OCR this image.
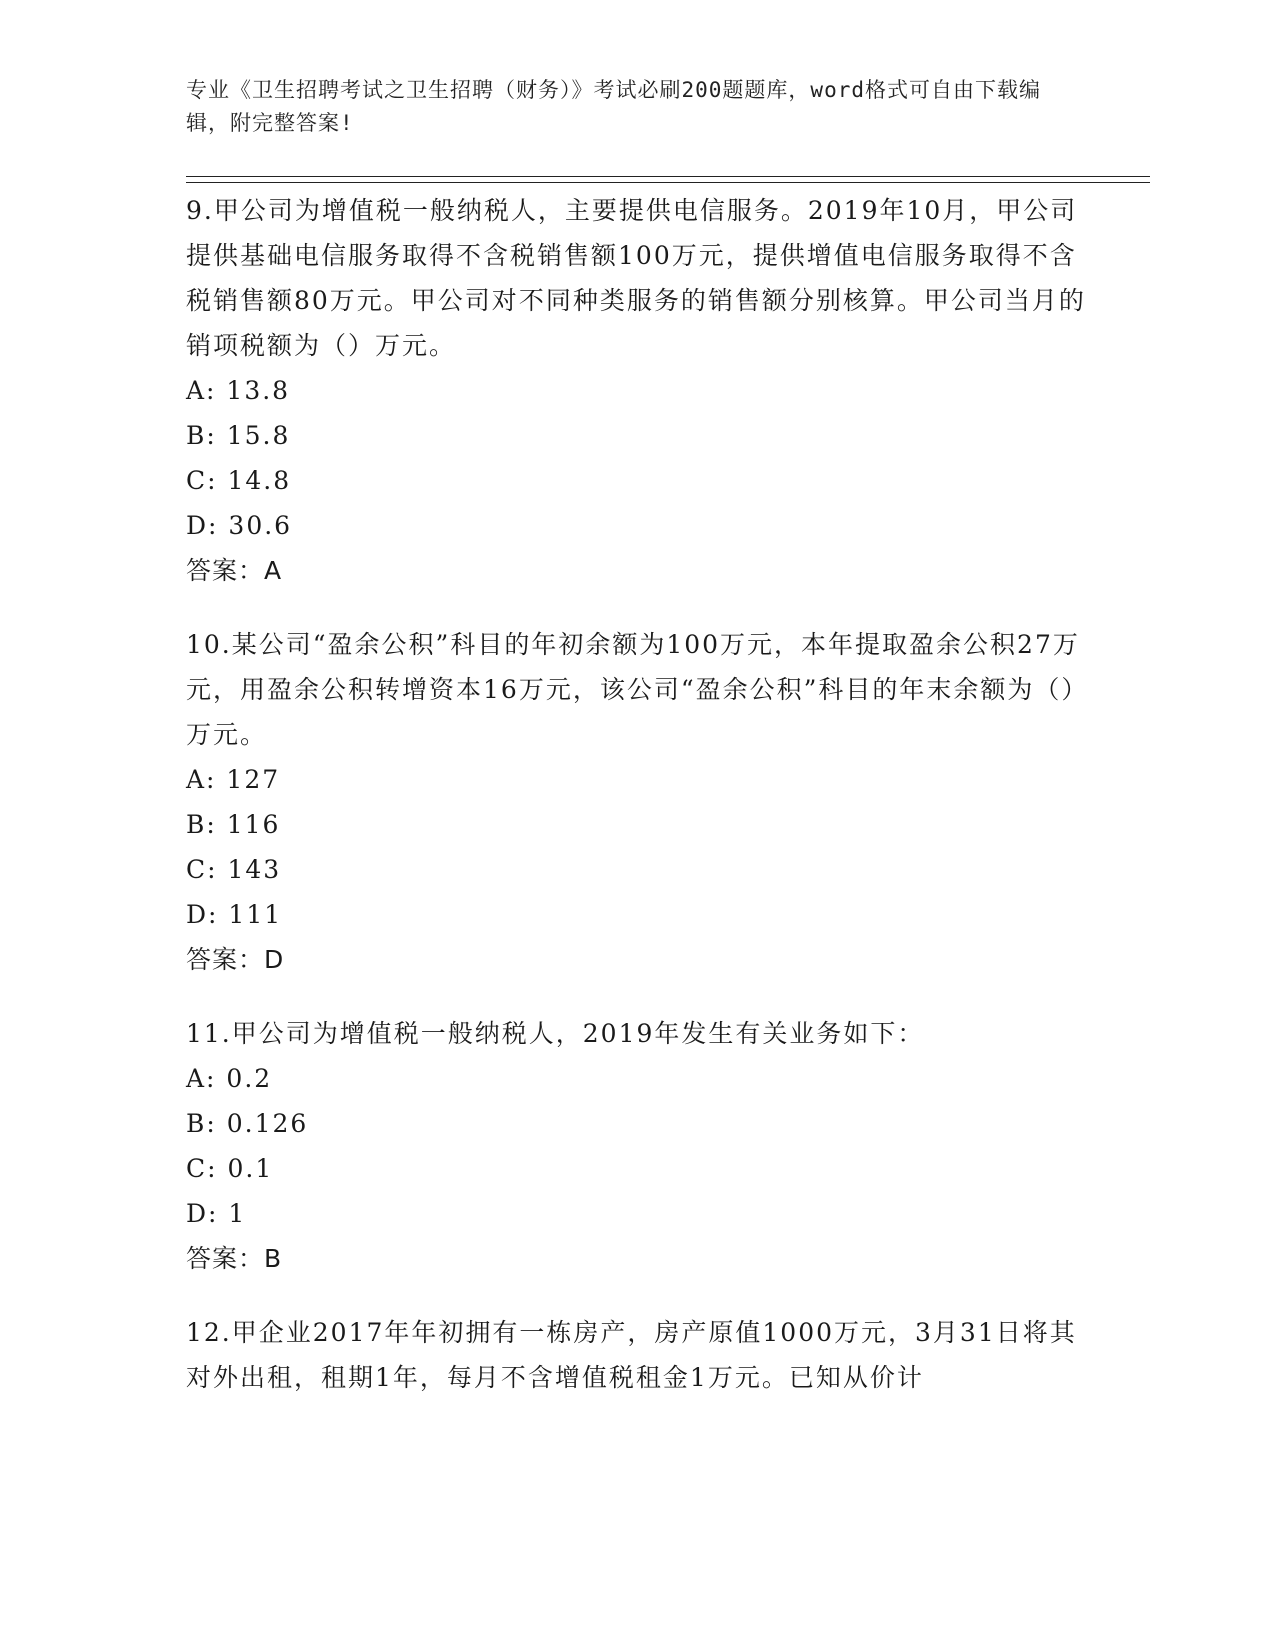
专业《卫生招聘考试之卫生招聘（财务）》考试必刷200题题库，word格式可自由下载编辑，附完整答案!

9.甲公司为增值税一般纳税人，主要提供电信服务。2019年10月，甲公司提供基础电信服务取得不含税销售额100万元，提供增值电信服务取得不含税销售额80万元。甲公司对不同种类服务的销售额分别核算。甲公司当月的销项税额为（）万元。

A: 13.8

B: 15.8

C: 14.8

D: 30.6

答案：A

10.某公司“盈余公积”科目的年初余额为100万元，本年提取盈余公积27万元，用盈余公积转增资本16万元，该公司“盈余公积”科目的年末余额为（）万元。

A: 127

B: 116

C: 143

D: 111

答案：D

11.甲公司为增值税一般纳税人，2019年发生有关业务如下：

A: 0.2

B: 0.126

C: 0.1

D: 1

答案：B

12.甲企业2017年年初拥有一栋房产，房产原值1000万元，3月31日将其对外出租，租期1年，每月不含增值税租金1万元。已知从价计
